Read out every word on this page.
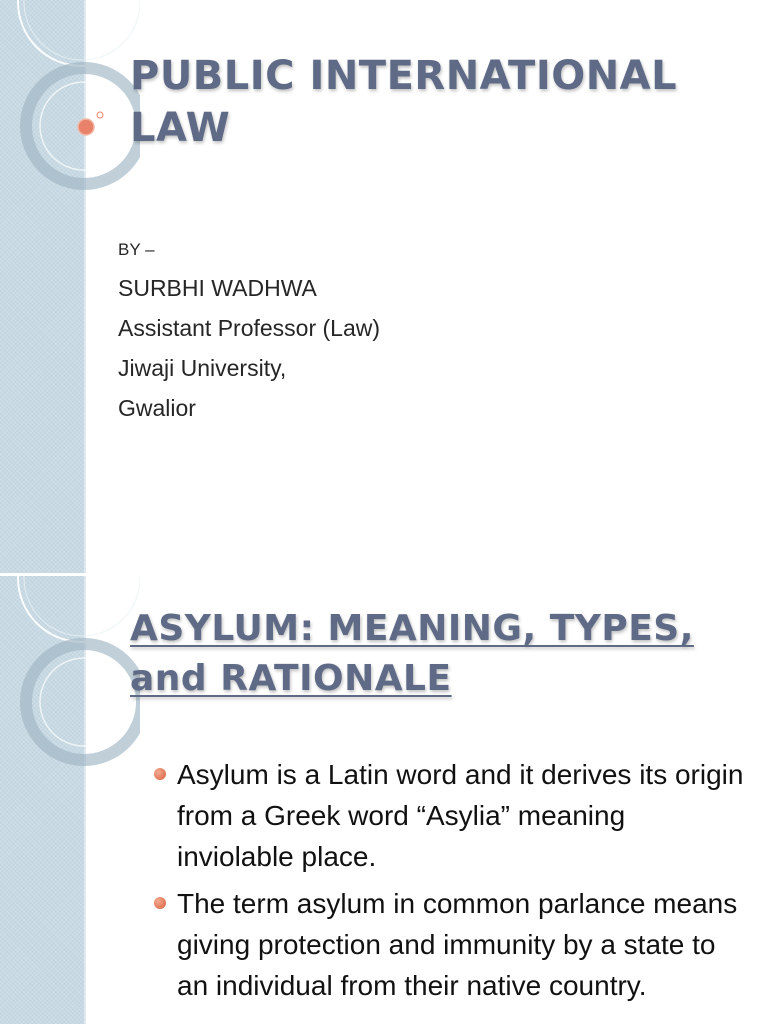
PUBLIC INTERNATIONAL LAW
BY –
SURBHI WADHWA
Assistant Professor (Law)
Jiwaji University,
Gwalior
ASYLUM: MEANING, TYPES, and RATIONALE
Asylum is a Latin word and it derives its origin from a Greek word “Asylia” meaning inviolable place.
The term asylum in common parlance means giving protection and immunity by a state to an individual from their native country.
